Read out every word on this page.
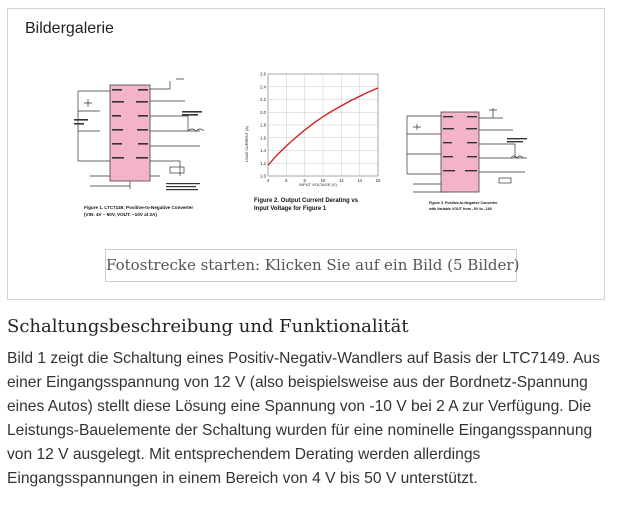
Bildergalerie
Figure 1. LTC7149: Positive-to-Negative Converter
(VIN: 4V – 50V, VOUT: –10V at 2A)
4	6	8	10	12	14	16
1.0
1.2
1.4
1.6
1.8
2.0
2.2
2.4
2.6
LOAD CURRENT (A)
INPUT VOLTAGE (V)
Figure 2. Output Current Derating vs
Input Voltage for Figure 1
Figure 3. Positive-to-Negative Converter
with Variable VOUT from –5V to –18V
Fotostrecke starten: Klicken Sie auf ein Bild (5 Bilder)
Schaltungsbeschreibung und Funktionalität

Bild 1 zeigt die Schaltung eines Positiv-Negativ-Wandlers auf Basis der LTC7149. Aus einer Eingangsspannung von 12 V (also beispielsweise aus der Bordnetz-Spannung eines Autos) stellt diese Lösung eine Spannung von -10 V bei 2 A zur Verfügung. Die Leistungs-Bauelemente der Schaltung wurden für eine nominelle Eingangsspannung von 12 V ausgelegt. Mit entsprechendem Derating werden allerdings Eingangsspannungen in einem Bereich von 4 V bis 50 V unterstützt.
